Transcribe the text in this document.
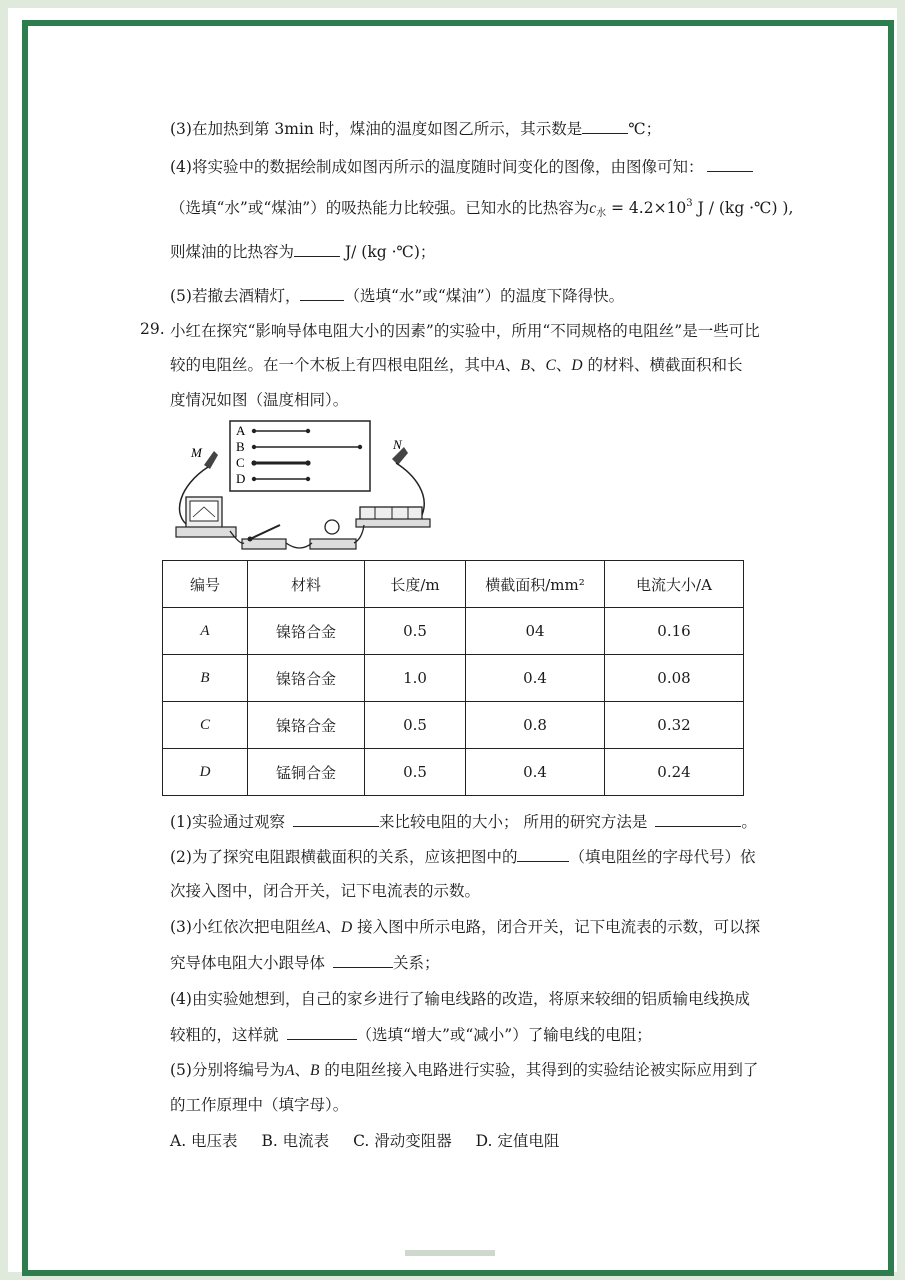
(3)在加热到第 3min 时，煤油的温度如图乙所示，其示数是	℃；
(4)将实验中的数据绘制成如图丙所示的温度随时间变化的图像，由图像可知：
（选填“水”或“煤油”）的吸热能力比较强。已知水的比热容为$c_水 = 4.2\times 10^3$ J / (kg ·℃) ),
则煤油的比热容为	J/ (kg ·℃)；
(5)若撤去酒精灯，	（选填“水”或“煤油”）的温度下降得快。
29. 小红在探究“影响导体电阻大小的因素”的实验中，所用“不同规格的电阻丝”是一些可比
较的电阻丝。在一个木板上有四根电阻丝，其中A、B、C、D 的材料、横截面积和长
度情况如图（温度相同）。
A
B
C
D
M
N
编号	材料	长度/m	横截面积/mm²	电流大小/A
A	镍铬合金	0.5	04	0.16
B	镍铬合金	1.0	0.4	0.08
C	镍铬合金	0.5	0.8	0.32
D	锰铜合金	0.5	0.4	0.24
(1)实验通过观察	来比较电阻的大小； 所用的研究方法是	。
(2)为了探究电阻跟横截面积的关系，应该把图中的	（填电阻丝的字母代号）依
次接入图中，闭合开关，记下电流表的示数。
(3)小红依次把电阻丝A、D 接入图中所示电路，闭合开关，记下电流表的示数，可以探
究导体电阻大小跟导体	关系；
(4)由实验她想到，自己的家乡进行了输电线路的改造，将原来较细的铝质输电线换成
较粗的，这样就	（选填“增大”或“减小”）了输电线的电阻；
(5)分别将编号为A、B 的电阻丝接入电路进行实验，其得到的实验结论被实际应用到了
的工作原理中（填字母）。
A. 电压表 B. 电流表 C. 滑动变阻器 D. 定值电阻
